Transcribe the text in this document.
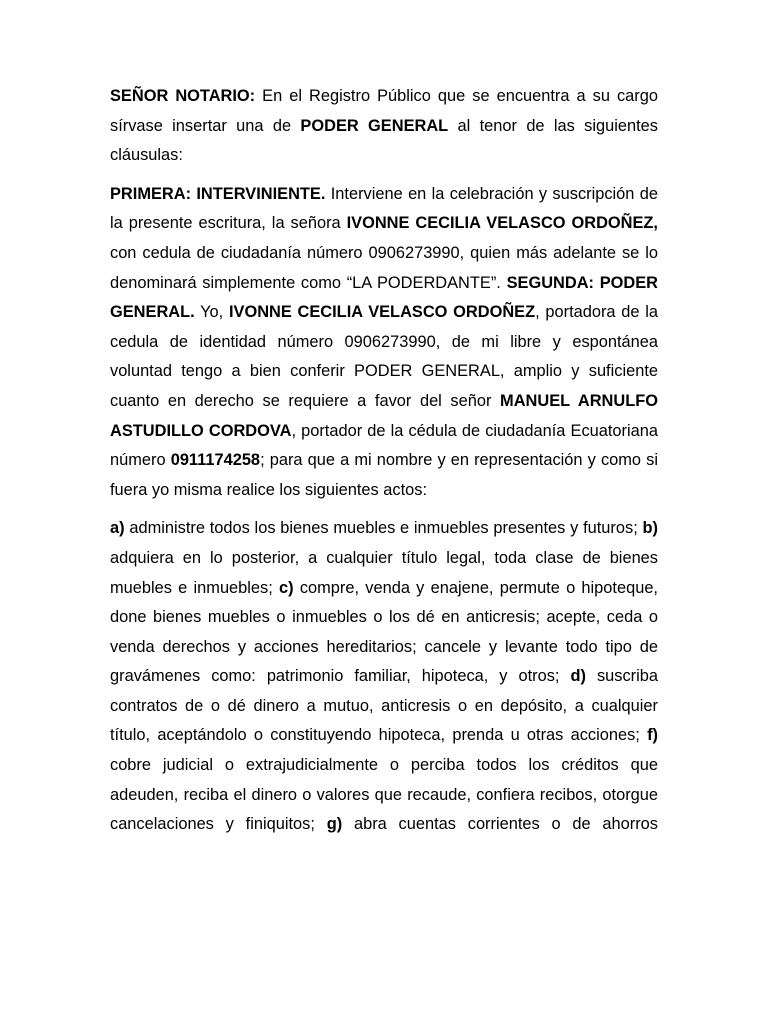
SEÑOR NOTARIO: En el Registro Público que se encuentra a su cargo sírvase insertar una de PODER GENERAL al tenor de las siguientes cláusulas:

PRIMERA: INTERVINIENTE. Interviene en la celebración y suscripción de la presente escritura, la señora IVONNE CECILIA VELASCO ORDOÑEZ, con cedula de ciudadanía número 0906273990, quien más adelante se lo denominará simplemente como “LA PODERDANTE”. SEGUNDA: PODER GENERAL. Yo, IVONNE CECILIA VELASCO ORDOÑEZ, portadora de la cedula de identidad número 0906273990, de mi libre y espontánea voluntad tengo a bien conferir PODER GENERAL, amplio y suficiente cuanto en derecho se requiere a favor del señor MANUEL ARNULFO ASTUDILLO CORDOVA, portador de la cédula de ciudadanía Ecuatoriana número 0911174258; para que a mi nombre y en representación y como si fuera yo misma realice los siguientes actos:

a) administre todos los bienes muebles e inmuebles presentes y futuros; b) adquiera en lo posterior, a cualquier título legal, toda clase de bienes muebles e inmuebles; c) compre, venda y enajene, permute o hipoteque, done bienes muebles o inmuebles o los dé en anticresis; acepte, ceda o venda derechos y acciones hereditarios; cancele y levante todo tipo de gravámenes como: patrimonio familiar, hipoteca, y otros; d) suscriba contratos de o dé dinero a mutuo, anticresis o en depósito, a cualquier título, aceptándolo o constituyendo hipoteca, prenda u otras acciones; f) cobre judicial o extrajudicialmente o perciba todos los créditos que adeuden, reciba el dinero o valores que recaude, confiera recibos, otorgue cancelaciones y finiquitos; g) abra cuentas corrientes o de ahorros
